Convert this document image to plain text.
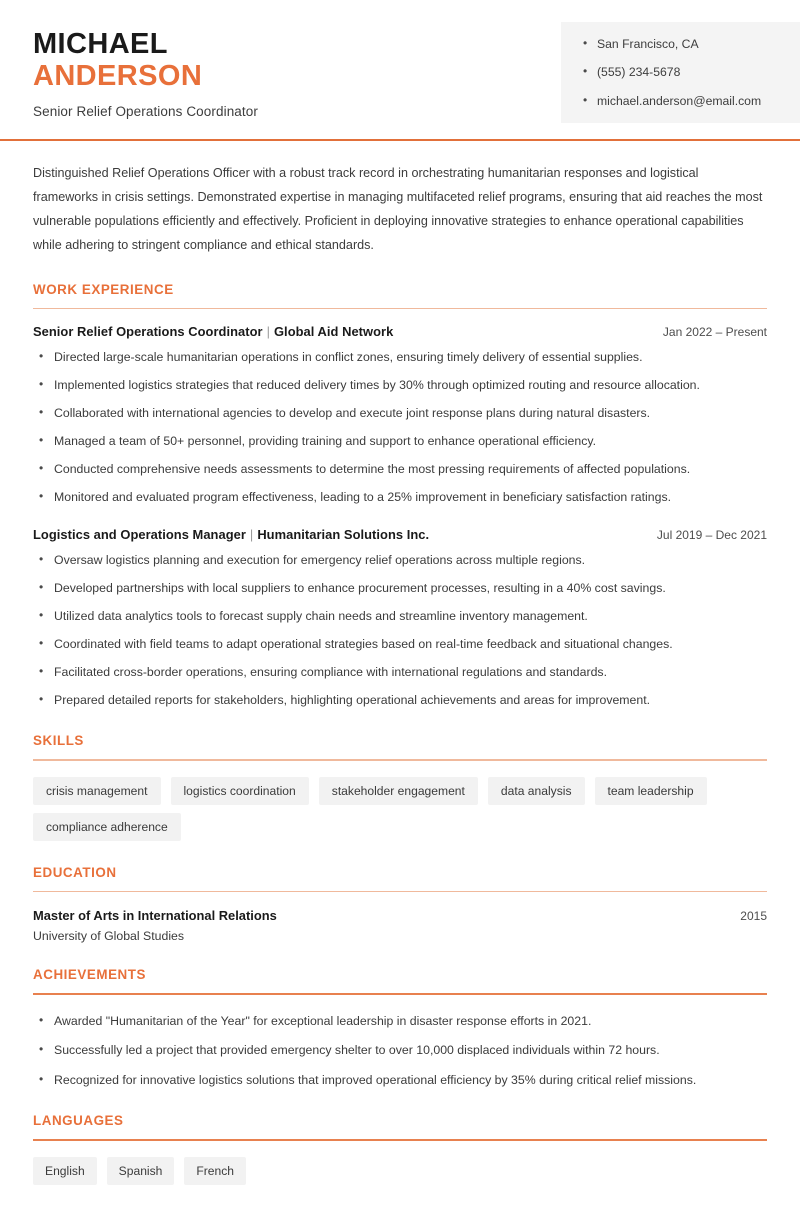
MICHAEL
ANDERSON
Senior Relief Operations Coordinator
• San Francisco, CA
• (555) 234-5678
• michael.anderson@email.com

Distinguished Relief Operations Officer with a robust track record in orchestrating humanitarian responses and logistical frameworks in crisis settings. Demonstrated expertise in managing multifaceted relief programs, ensuring that aid reaches the most vulnerable populations efficiently and effectively. Proficient in deploying innovative strategies to enhance operational capabilities while adhering to stringent compliance and ethical standards.

WORK EXPERIENCE
Senior Relief Operations Coordinator | Global Aid Network	Jan 2022 – Present
• Directed large-scale humanitarian operations in conflict zones, ensuring timely delivery of essential supplies.
• Implemented logistics strategies that reduced delivery times by 30% through optimized routing and resource allocation.
• Collaborated with international agencies to develop and execute joint response plans during natural disasters.
• Managed a team of 50+ personnel, providing training and support to enhance operational efficiency.
• Conducted comprehensive needs assessments to determine the most pressing requirements of affected populations.
• Monitored and evaluated program effectiveness, leading to a 25% improvement in beneficiary satisfaction ratings.
Logistics and Operations Manager | Humanitarian Solutions Inc.	Jul 2019 – Dec 2021
• Oversaw logistics planning and execution for emergency relief operations across multiple regions.
• Developed partnerships with local suppliers to enhance procurement processes, resulting in a 40% cost savings.
• Utilized data analytics tools to forecast supply chain needs and streamline inventory management.
• Coordinated with field teams to adapt operational strategies based on real-time feedback and situational changes.
• Facilitated cross-border operations, ensuring compliance with international regulations and standards.
• Prepared detailed reports for stakeholders, highlighting operational achievements and areas for improvement.
SKILLS
crisis management	logistics coordination	stakeholder engagement	data analysis	team leadership
compliance adherence
EDUCATION
Master of Arts in International Relations	2015
University of Global Studies
ACHIEVEMENTS
• Awarded "Humanitarian of the Year" for exceptional leadership in disaster response efforts in 2021.
• Successfully led a project that provided emergency shelter to over 10,000 displaced individuals within 72 hours.
• Recognized for innovative logistics solutions that improved operational efficiency by 35% during critical relief missions.
LANGUAGES
English	Spanish	French
